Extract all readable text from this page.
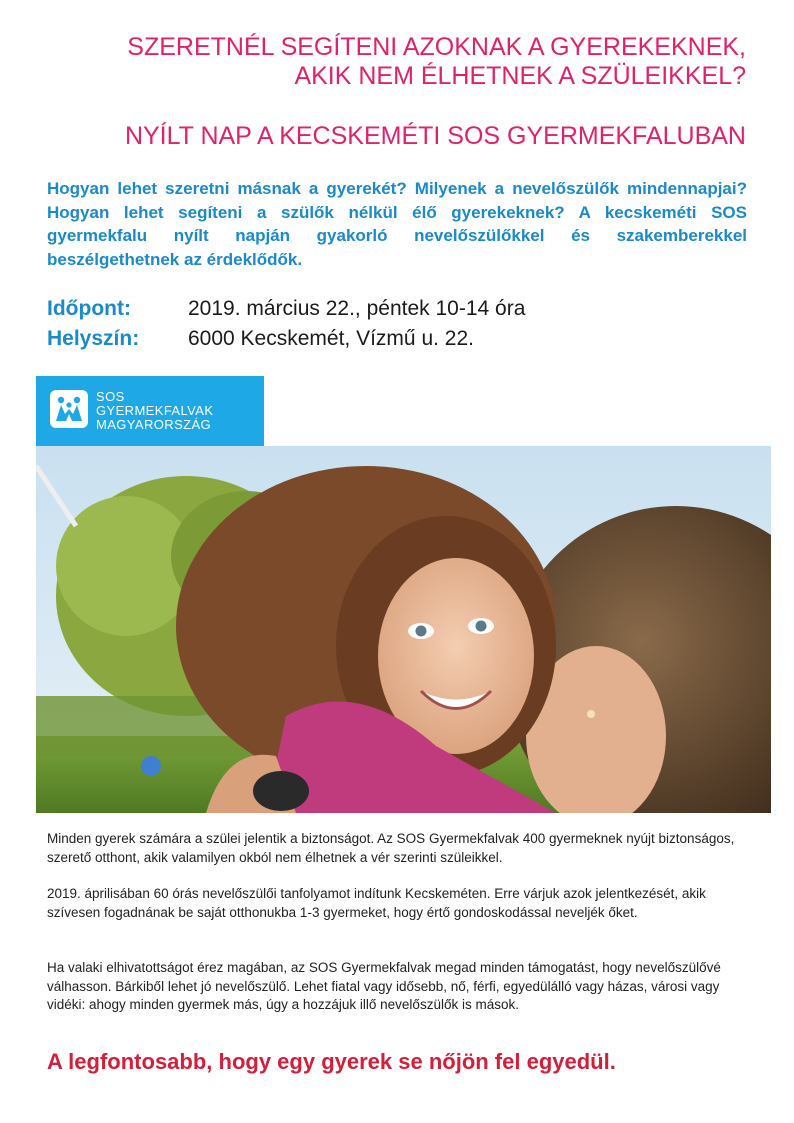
SZERETNÉL SEGÍTENI AZOKNAK A GYEREKEKNEK,
AKIK NEM ÉLHETNEK A SZÜLEIKKEL?
NYÍLT NAP A KECSKEMÉTI SOS GYERMEKFALUBAN

Hogyan lehet szeretni másnak a gyerekét? Milyenek a nevelőszülők mindennapjai? Hogyan lehet segíteni a szülők nélkül élő gyerekeknek? A kecskeméti SOS gyermekfalu nyílt napján gyakorló nevelőszülőkkel és szakemberekkel beszélgethetnek az érdeklődők.

Időpont:	2019. március 22., péntek 10-14 óra
Helyszín: 6000 Kecskemét, Vízmű u. 22.
SOS
GYERMEKFALVAK
MAGYARORSZÁG

Minden gyerek számára a szülei jelentik a biztonságot. Az SOS Gyermekfalvak 400 gyermeknek nyújt biztonságos, szerető otthont, akik valamilyen okból nem élhetnek a vér szerinti szüleikkel.

2019. áprilisában 60 órás nevelőszülői tanfolyamot indítunk Kecskeméten. Erre várjuk azok jelentkezését, akik szívesen fogadnának be saját otthonukba 1-3 gyermeket, hogy értő gondoskodással neveljék őket.

Ha valaki elhivatottságot érez magában, az SOS Gyermekfalvak megad minden támogatást, hogy nevelőszülővé válhasson. Bárkiből lehet jó nevelőszülő. Lehet fiatal vagy idősebb, nő, férfi, egyedülálló vagy házas, városi vagy vidéki: ahogy minden gyermek más, úgy a hozzájuk illő nevelőszülők is mások.

A legfontosabb, hogy egy gyerek se nőjön fel egyedül.
